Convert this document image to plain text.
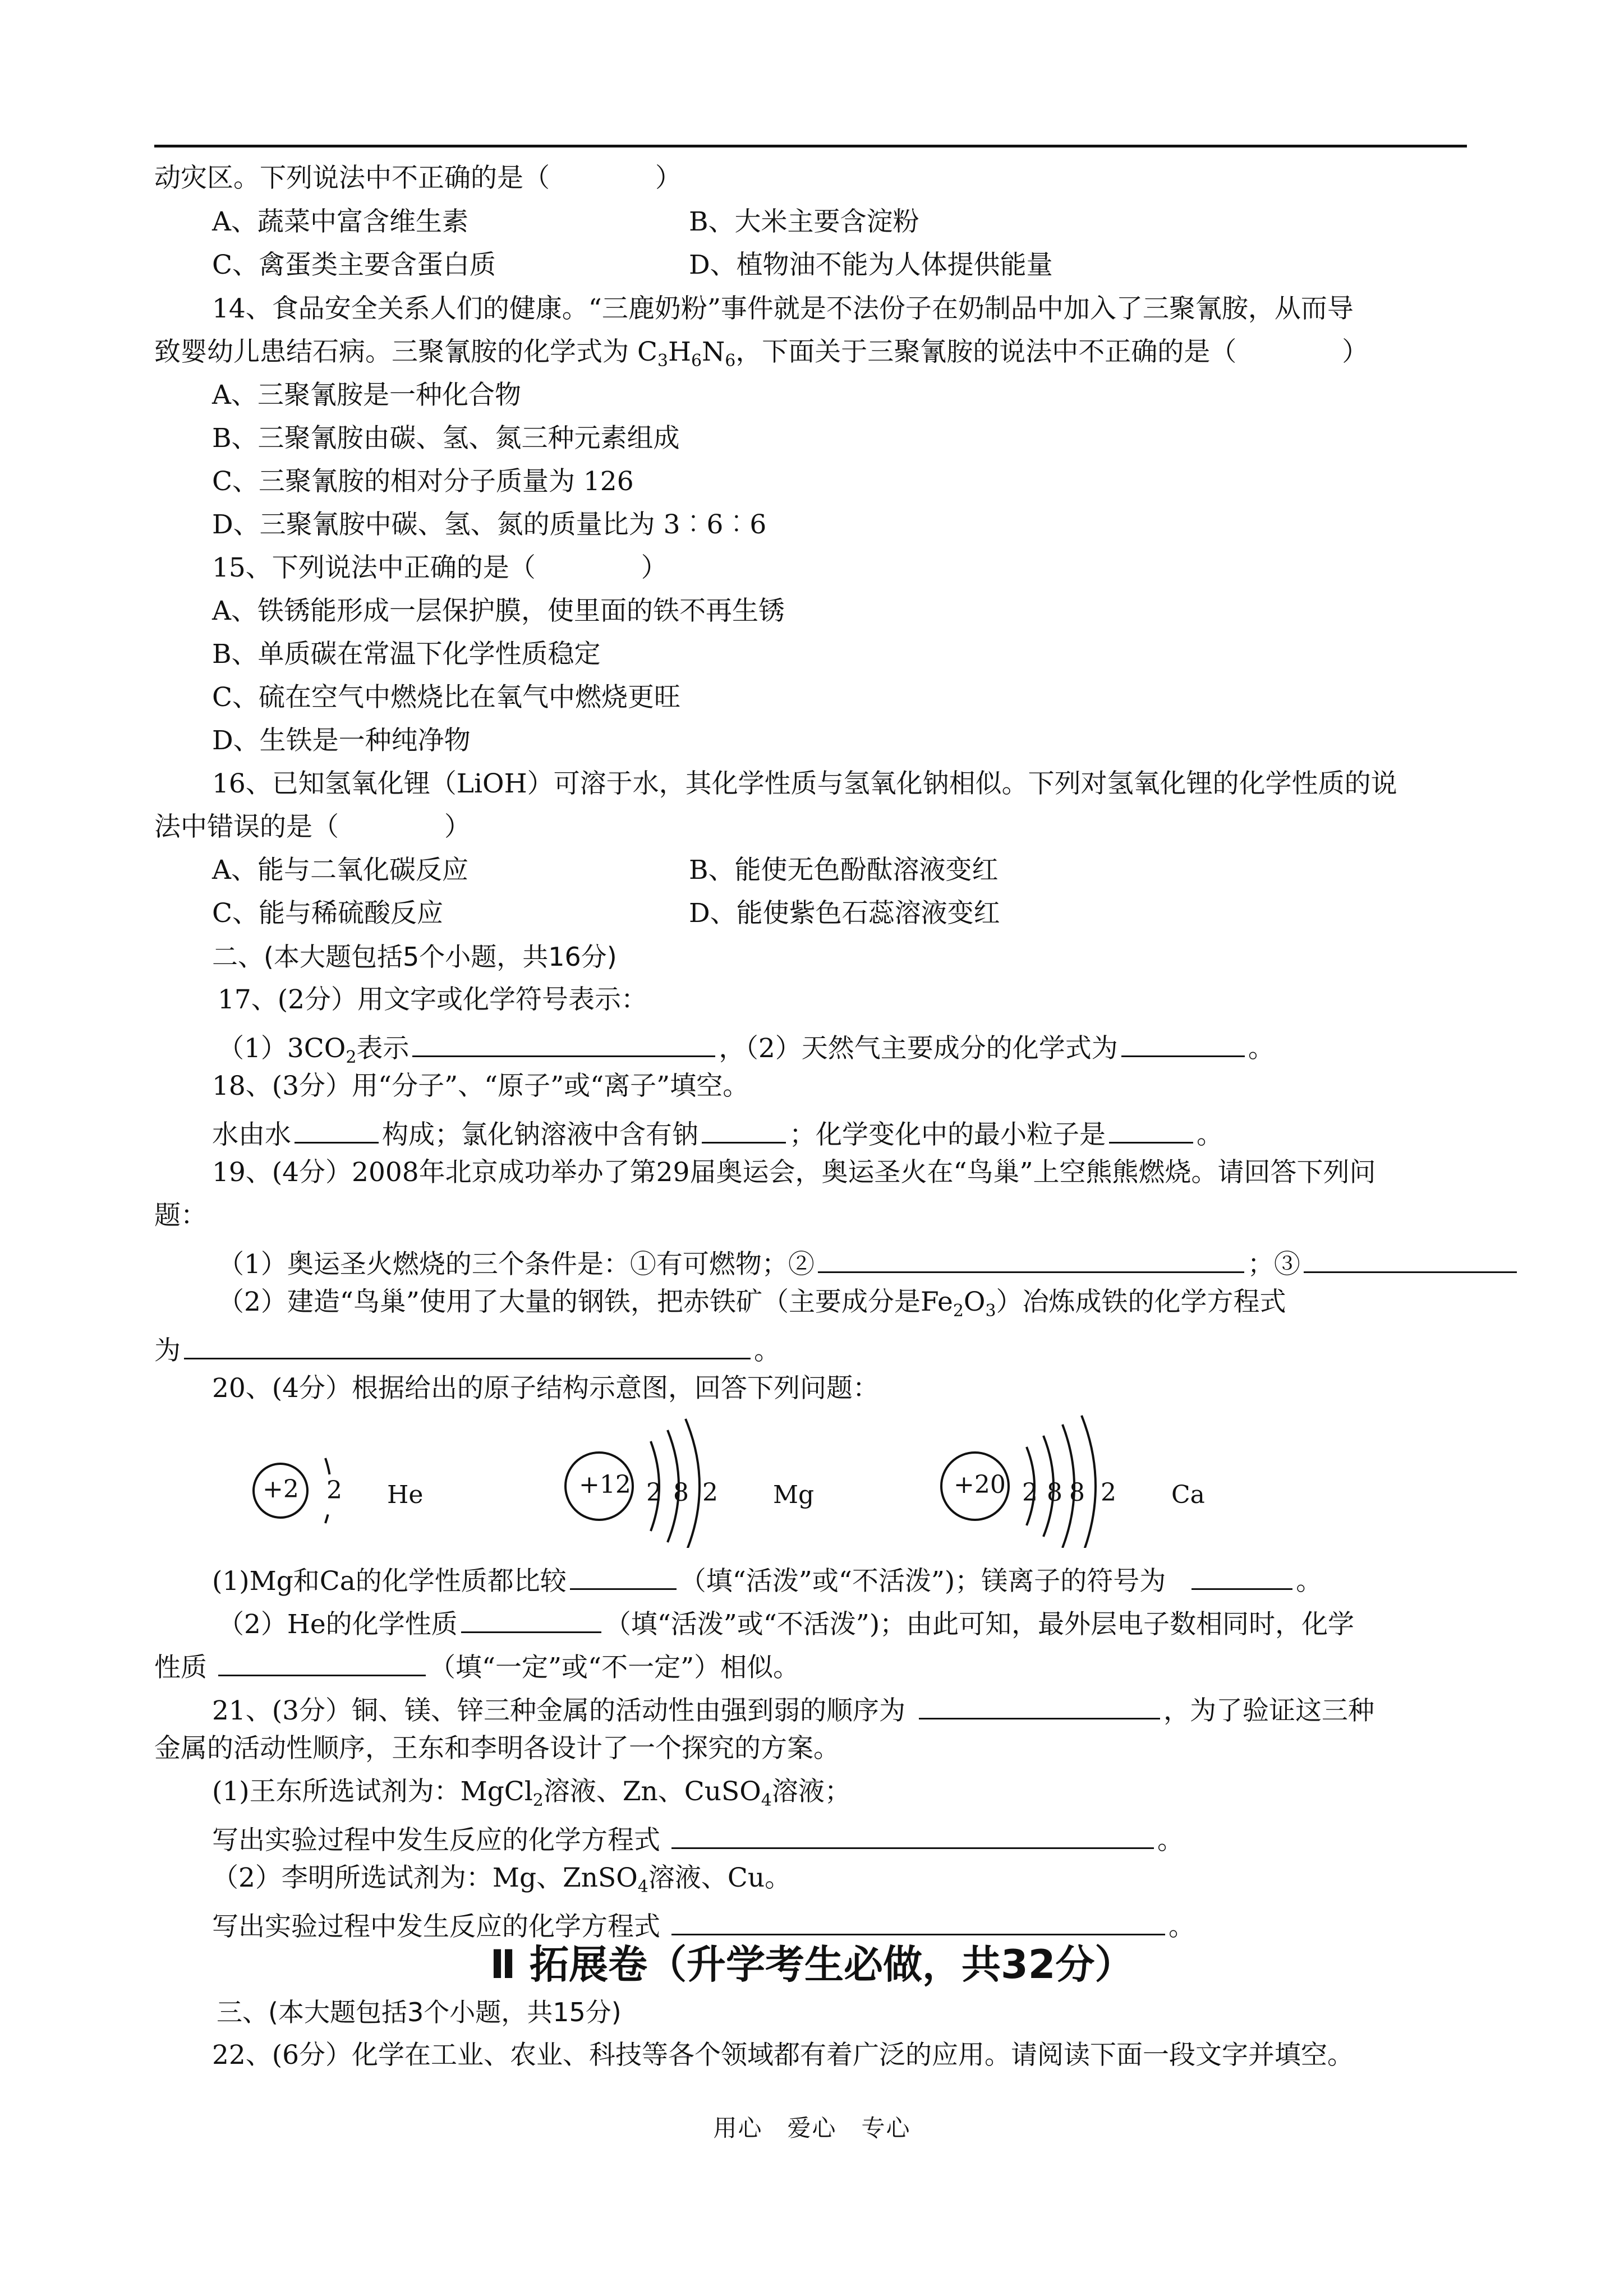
动灾区。下列说法中不正确的是（　　　　）
A、蔬菜中富含维生素	B、大米主要含淀粉
C、禽蛋类主要含蛋白质	D、植物油不能为人体提供能量
14、食品安全关系人们的健康。“三鹿奶粉”事件就是不法份子在奶制品中加入了三聚氰胺，从而导
致婴幼儿患结石病。三聚氰胺的化学式为 $C_3H_6N_6$，下面关于三聚氰胺的说法中不正确的是（　　　　）
A、三聚氰胺是一种化合物
B、三聚氰胺由碳、氢、氮三种元素组成
C、三聚氰胺的相对分子质量为 126
D、三聚氰胺中碳、氢、氮的质量比为 3︰6︰6
15、下列说法中正确的是（　　　　）
A、铁锈能形成一层保护膜，使里面的铁不再生锈
B、单质碳在常温下化学性质稳定
C、硫在空气中燃烧比在氧气中燃烧更旺
D、生铁是一种纯净物
16、已知氢氧化锂（LiOH）可溶于水，其化学性质与氢氧化钠相似。下列对氢氧化锂的化学性质的说
法中错误的是（　　　　）
A、能与二氧化碳反应	B、能使无色酚酞溶液变红
C、能与稀硫酸反应	D、能使紫色石蕊溶液变红
二、(本大题包括5个小题，共16分)
17、(2分）用文字或化学符号表示：
$(1)3CO_2$表示	，（2）天然气主要成分的化学式为	。
18、(3分）用“分子”、“原子”或“离子”填空。
水由水	构成；氯化钠溶液中含有钠	；化学变化中的最小粒子是	。
19、(4分）2008年北京成功举办了第29届奥运会，奥运圣火在“鸟巢”上空熊熊燃烧。请回答下列问
题：
（1）奥运圣火燃烧的三个条件是：①有可燃物；②	；③
（2）建造“鸟巢”使用了大量的钢铁，把赤铁矿（主要成分是$Fe_2O_3$）冶炼成铁的化学方程式
为	。
20、(4分）根据给出的原子结构示意图，回答下列问题：
+2 2 He	+12 2 8 2 Mg	+20 2 8 8 2 Ca
(1)Mg和Ca的化学性质都比较	（填“活泼”或“不活泼”)；镁离子的符号为	。
（2）He的化学性质	（填“活泼”或“不活泼”)；由此可知，最外层电子数相同时，化学
性质	（填“一定”或“不一定”）相似。
21、(3分）铜、镁、锌三种金属的活动性由强到弱的顺序为	，为了验证这三种
金属的活动性顺序，王东和李明各设计了一个探究的方案。
(1)王东所选试剂为：MgCl$_2$溶液、Zn、CuSO$_4$溶液；
写出实验过程中发生反应的化学方程式	。
（2）李明所选试剂为：Mg、ZnSO$_4$溶液、Cu。
写出实验过程中发生反应的化学方程式	。
Ⅱ 拓展卷（升学考生必做，共32分）
三、(本大题包括3个小题，共15分)
22、(6分）化学在工业、农业、科技等各个领域都有着广泛的应用。请阅读下面一段文字并填空。
用心　爱心　专心
